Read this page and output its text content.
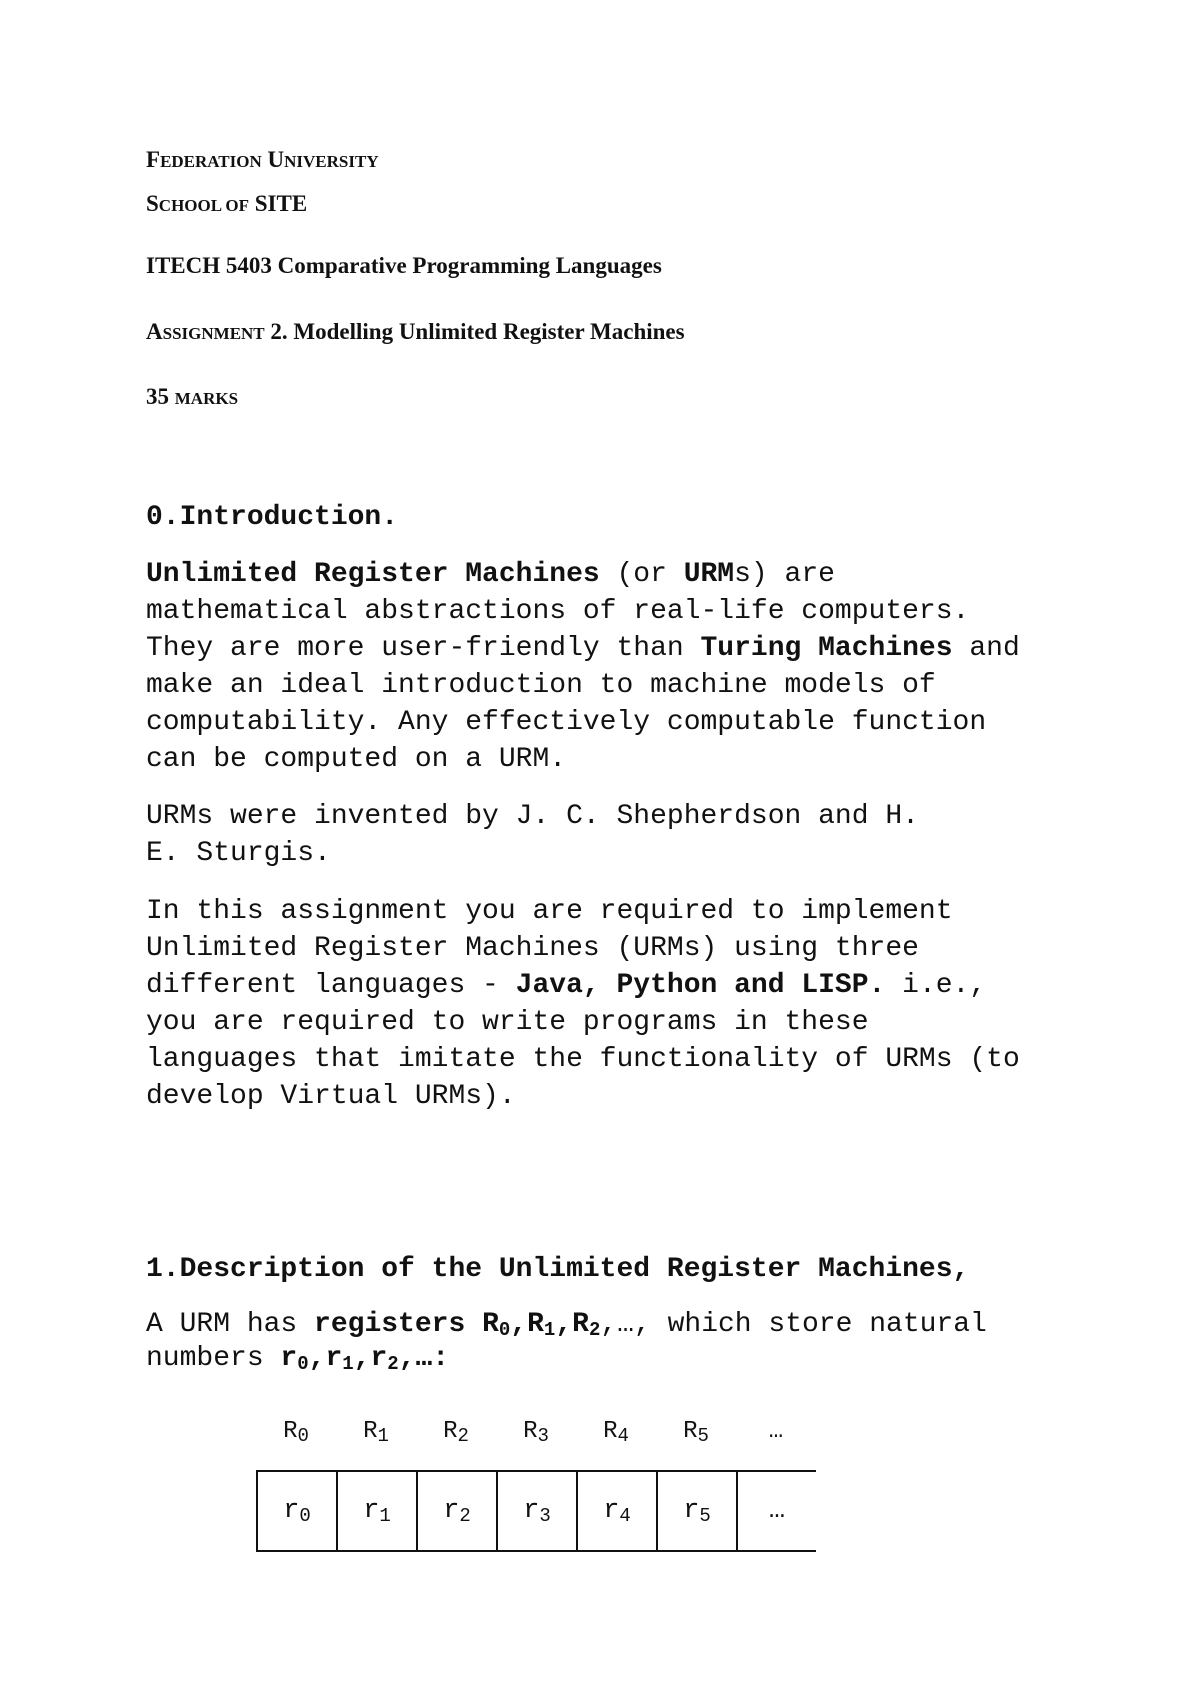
FEDERATION UNIVERSITY
SCHOOL OF SITE
ITECH 5403 Comparative Programming Languages
ASSIGNMENT 2. Modelling Unlimited Register Machines
35 MARKS
0.Introduction.
Unlimited Register Machines (or URMs) are
mathematical abstractions of real-life computers.
They are more user-friendly than Turing Machines and
make an ideal introduction to machine models of
computability. Any effectively computable function
can be computed on a URM.
URMs were invented by J. C. Shepherdson and H.
E. Sturgis.
In this assignment you are required to implement
Unlimited Register Machines (URMs) using three
different languages - Java, Python and LISP. i.e.,
you are required to write programs in these
languages that imitate the functionality of URMs (to
develop Virtual URMs).
1.Description of the Unlimited Register Machines,
A URM has registers $R_0,R_1,R_2,\dots$, which store natural
numbers $r_0,r_1,r_2,\dots$:
$R_0$	$R_1$	$R_2$	$R_3$	$R_4$	$R_5$	…
$r_0$	$r_1$	$r_2$	$r_3$	$r_4$	$r_5$	…
